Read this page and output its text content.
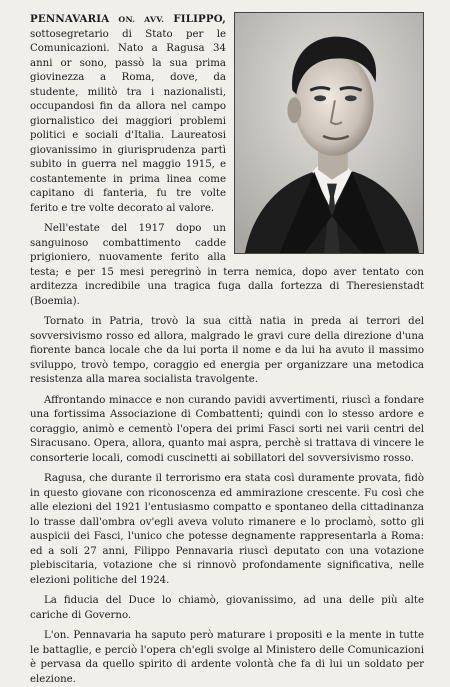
PENNAVARIA ON. AVV. FILIPPO, sottosegretario di Stato per le Comunicazioni. Nato a Ragusa 34 anni or sono, passò la sua prima giovinezza a Roma, dove, da studente, militò tra i nazionalisti, occupandosi fin da allora nel campo giornalistico dei maggiori problemi politici e sociali d'Italia. Laureatosi giovanissimo in giurisprudenza partì subito in guerra nel maggio 1915, e costantemente in prima linea come capitano di fanteria, fu tre volte ferito e tre volte decorato al valore.

Nell'estate del 1917 dopo un sanguinoso combattimento cadde prigioniero, nuovamente ferito alla testa; e per 15 mesi peregrinò in terra nemica, dopo aver tentato con arditezza incredibile una tragica fuga dalla fortezza di Theresienstadt (Boemia).

Tornato in Patria, trovò la sua città natia in preda ai terrori del sovversivismo rosso ed allora, malgrado le gravi cure della direzione d'una fiorente banca locale che da lui porta il nome e da lui ha avuto il massimo sviluppo, trovò tempo, coraggio ed energia per organizzare una metodica resistenza alla marea socialista travolgente.

Affrontando minacce e non curando pavidi avvertimenti, riuscì a fondare una fortissima Associazione di Combattenti; quindi con lo stesso ardore e coraggio, animò e cementò l'opera dei primi Fasci sorti nei varii centri del Siracusano. Opera, allora, quanto mai aspra, perchè si trattava di vincere le consorterie locali, comodi cuscinetti ai sobillatori del sovversivismo rosso.

Ragusa, che durante il terrorismo era stata così duramente provata, fidò in questo giovane con riconoscenza ed ammirazione crescente. Fu così che alle elezioni del 1921 l'entusiasmo compatto e spontaneo della cittadinanza lo trasse dall'ombra ov'egli aveva voluto rimanere e lo proclamò, sotto gli auspicii dei Fasci, l'unico che potesse degnamente rappresentarla a Roma: ed a soli 27 anni, Filippo Pennavaria riuscì deputato con una votazione plebiscitaria, votazione che si rinnovò profondamente significativa, nelle elezioni politiche del 1924.

La fiducia del Duce lo chiamò, giovanissimo, ad una delle più alte cariche di Governo.

L'on. Pennavaria ha saputo però maturare i propositi e la mente in tutte le battaglie, e perciò l'opera ch'egli svolge al Ministero delle Comunicazioni è pervasa da quello spirito di ardente volontà che fa di lui un soldato per elezione.
